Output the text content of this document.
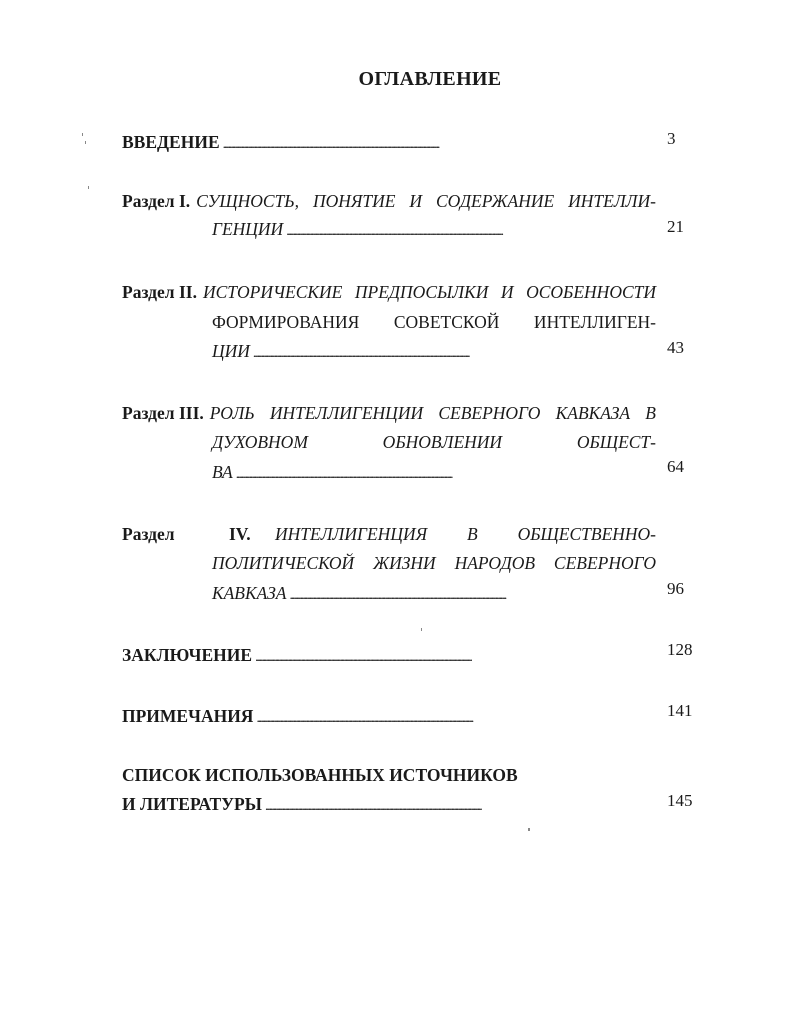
ОГЛАВЛЕНИЕ
ВВЕДЕНИЕ . . .	3
Раздел I. СУЩНОСТЬ, ПОНЯТИЕ И СОДЕРЖАНИЕ ИНТЕЛЛИ-
ГЕНЦИИ . . .	21
Раздел II. ИСТОРИЧЕСКИЕ ПРЕДПОСЫЛКИ И ОСОБЕННОСТИ
ФОРМИРОВАНИЯ СОВЕТСКОЙ ИНТЕЛЛИГЕН-
ЦИИ . . .	43
Раздел III. РОЛЬ ИНТЕЛЛИГЕНЦИИ СЕВЕРНОГО КАВКАЗА В
ДУХОВНОМ ОБНОВЛЕНИИ ОБЩЕСТ-
ВА . . .	64
Раздел	IV. ИНТЕЛЛИГЕНЦИЯ В ОБЩЕСТВЕННО-
ПОЛИТИЧЕСКОЙ ЖИЗНИ НАРОДОВ СЕВЕРНОГО
КАВКАЗА . . .	96
ЗАКЛЮЧЕНИЕ . . .	128
ПРИМЕЧАНИЯ . . .	141
СПИСОК ИСПОЛЬЗОВАННЫХ ИСТОЧНИКОВ
И ЛИТЕРАТУРЫ . . .	145
